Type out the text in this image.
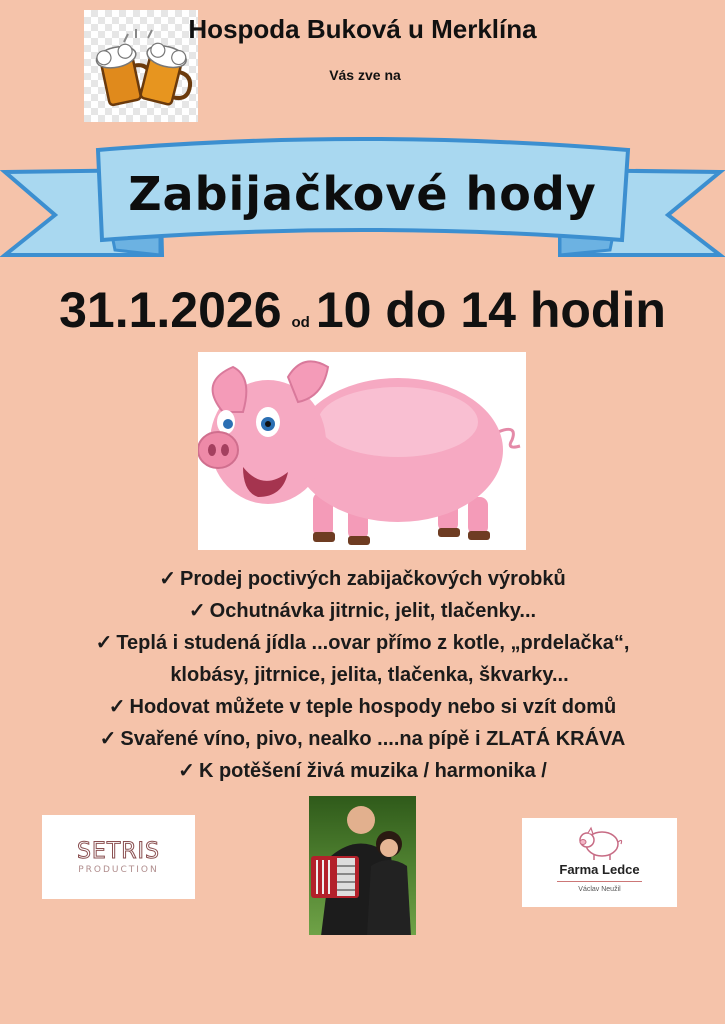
Hospoda Buková u Merklína
Vás zve na
Zabijačkové hody
31.1.2026 od 10 do 14 hodin
✓ Prodej poctivých zabijačkových výrobků
✓ Ochutnávka jitrnic, jelit, tlačenky...
✓ Teplá i studená jídla ...ovar přímo z kotle, „prdelačka“,
klobásy, jitrnice, jelita, tlačenka, škvarky...
✓ Hodovat můžete v teple hospody nebo si vzít domů
✓ Svařené víno, pivo, nealko ....na pípě i ZLATÁ KRÁVA
✓ K potěšení živá muzika / harmonika /
SETRIS
PRODUCTION	Farma Ledce
Václav Neužil
